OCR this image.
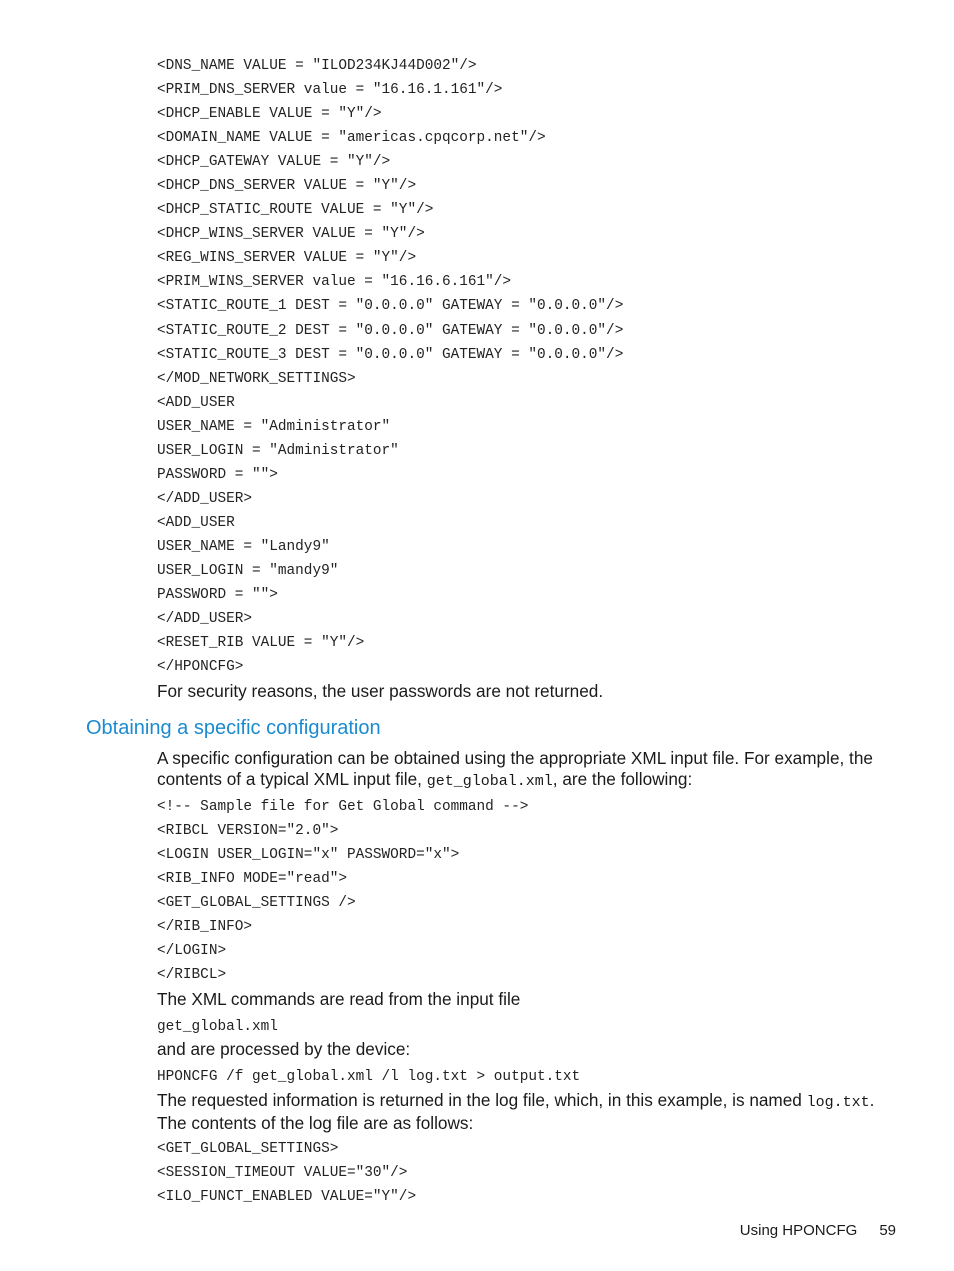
<DNS_NAME VALUE = "ILOD234KJ44D002"/>
<PRIM_DNS_SERVER value = "16.16.1.161"/>
<DHCP_ENABLE VALUE = "Y"/>
<DOMAIN_NAME VALUE = "americas.cpqcorp.net"/>
<DHCP_GATEWAY VALUE = "Y"/>
<DHCP_DNS_SERVER VALUE = "Y"/>
<DHCP_STATIC_ROUTE VALUE = "Y"/>
<DHCP_WINS_SERVER VALUE = "Y"/>
<REG_WINS_SERVER VALUE = "Y"/>
<PRIM_WINS_SERVER value = "16.16.6.161"/>
<STATIC_ROUTE_1 DEST = "0.0.0.0" GATEWAY = "0.0.0.0"/>
<STATIC_ROUTE_2 DEST = "0.0.0.0" GATEWAY = "0.0.0.0"/>
<STATIC_ROUTE_3 DEST = "0.0.0.0" GATEWAY = "0.0.0.0"/>
</MOD_NETWORK_SETTINGS>
<ADD_USER
USER_NAME = "Administrator"
USER_LOGIN = "Administrator"
PASSWORD = "">
</ADD_USER>
<ADD_USER
USER_NAME = "Landy9"
USER_LOGIN = "mandy9"
PASSWORD = "">
</ADD_USER>
<RESET_RIB VALUE = "Y"/>
</HPONCFG>

For security reasons, the user passwords are not returned.

Obtaining a specific configuration

A specific configuration can be obtained using the appropriate XML input file. For example, the contents of a typical XML input file, get_global.xml, are the following:

<!-- Sample file for Get Global command -->
<RIBCL VERSION="2.0">
<LOGIN USER_LOGIN="x" PASSWORD="x">
<RIB_INFO MODE="read">
<GET_GLOBAL_SETTINGS />
</RIB_INFO>
</LOGIN>
</RIBCL>

The XML commands are read from the input file

get_global.xml

and are processed by the device:

HPONCFG /f get_global.xml /l log.txt > output.txt

The requested information is returned in the log file, which, in this example, is named log.txt. The contents of the log file are as follows:

<GET_GLOBAL_SETTINGS>
<SESSION_TIMEOUT VALUE="30"/>
<ILO_FUNCT_ENABLED VALUE="Y"/>
Using HPONCFG 59
